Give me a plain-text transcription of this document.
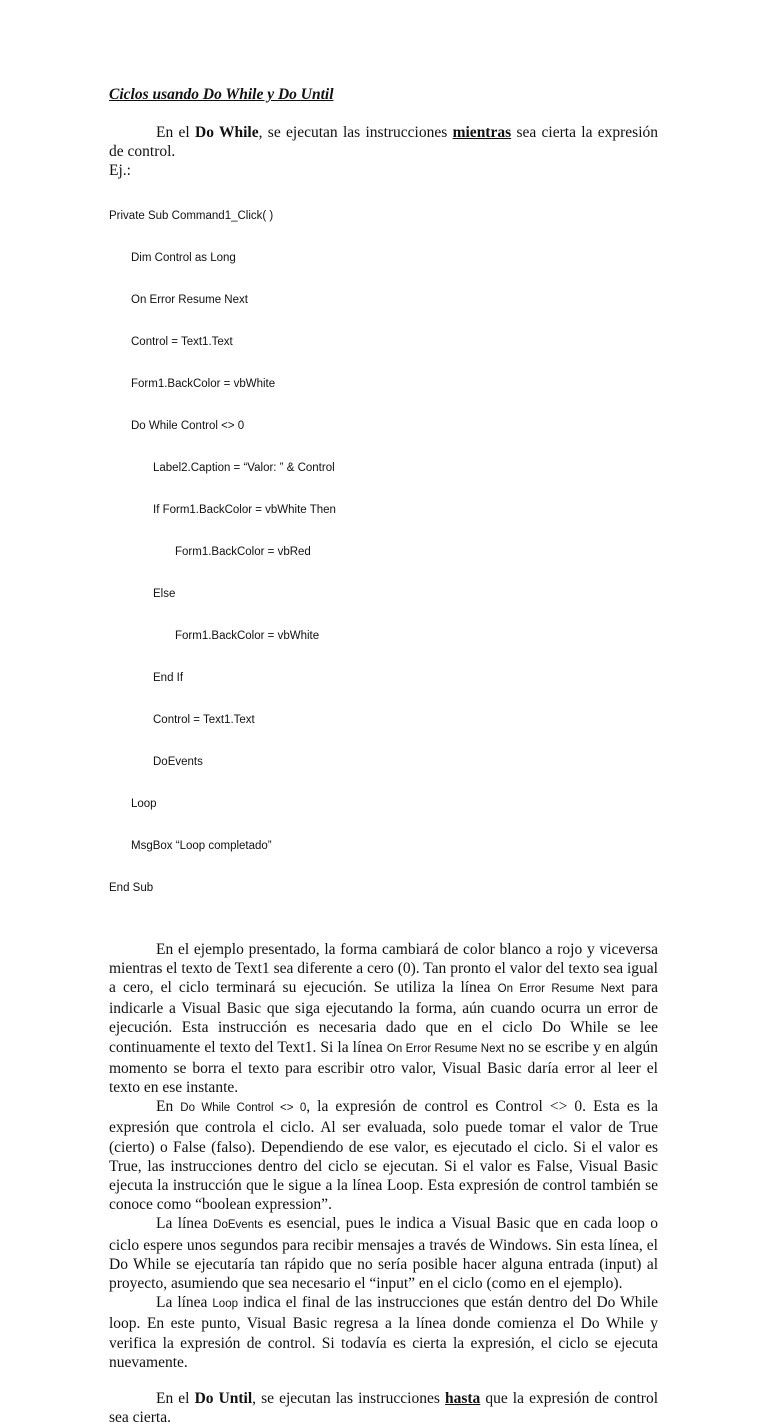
Ciclos usando Do While y Do Until

En el Do While, se ejecutan las instrucciones mientras sea cierta la expresión de control.

Ej.:

Private Sub Command1_Click( )

Dim Control as Long

On Error Resume Next

Control = Text1.Text

Form1.BackColor = vbWhite

Do While Control <> 0

Label2.Caption = “Valor: ” & Control

If Form1.BackColor = vbWhite Then

Form1.BackColor = vbRed

Else

Form1.BackColor = vbWhite

End If

Control = Text1.Text

DoEvents

Loop

MsgBox “Loop completado”

End Sub

En el ejemplo presentado, la forma cambiará de color blanco a rojo y viceversa mientras el texto de Text1 sea diferente a cero (0). Tan pronto el valor del texto sea igual a cero, el ciclo terminará su ejecución. Se utiliza la línea On Error Resume Next para indicarle a Visual Basic que siga ejecutando la forma, aún cuando ocurra un error de ejecución. Esta instrucción es necesaria dado que en el ciclo Do While se lee continuamente el texto del Text1. Si la línea On Error Resume Next no se escribe y en algún momento se borra el texto para escribir otro valor, Visual Basic daría error al leer el texto en ese instante.

En Do While Control <> 0, la expresión de control es Control <> 0. Esta es la expresión que controla el ciclo. Al ser evaluada, solo puede tomar el valor de True (cierto) o False (falso). Dependiendo de ese valor, es ejecutado el ciclo. Si el valor es True, las instrucciones dentro del ciclo se ejecutan. Si el valor es False, Visual Basic ejecuta la instrucción que le sigue a la línea Loop. Esta expresión de control también se conoce como “boolean expression”.

La línea DoEvents es esencial, pues le indica a Visual Basic que en cada loop o ciclo espere unos segundos para recibir mensajes a través de Windows. Sin esta línea, el Do While se ejecutaría tan rápido que no sería posible hacer alguna entrada (input) al proyecto, asumiendo que sea necesario el “input” en el ciclo (como en el ejemplo).

La línea Loop indica el final de las instrucciones que están dentro del Do While loop. En este punto, Visual Basic regresa a la línea donde comienza el Do While y verifica la expresión de control. Si todavía es cierta la expresión, el ciclo se ejecuta nuevamente.

En el Do Until, se ejecutan las instrucciones hasta que la expresión de control sea cierta.
